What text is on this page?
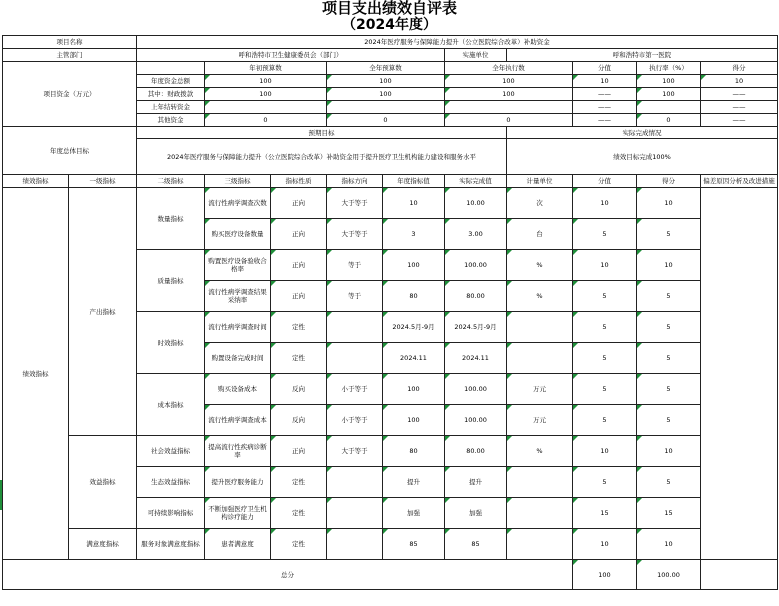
项目支出绩效自评表
（2024年度）
项目名称		2024年医疗服务与保障能力提升（公立医院综合改革）补助资金									
主管部门		呼和浩特市卫生健康委员会（部门）					实施单位	呼和浩特市第一医院			
项目资金（万元）			年初预算数		全年预算数		全年执行数		分值	执行率（%）	得分
		年度资金总额	100		100		100		10	100	10
		其中：财政拨款	100		100		100		——	100	——
		上年结转资金							——		——
		其他资金	0		0		0		——	0	——
年度总体目标		预期目标						实际完成情况			
		2024年医疗服务与保障能力提升（公立医院综合改革）补助资金用于提升医疗卫生机构能力建设和服务水平						绩效目标完成100%			
绩效指标	一级指标	二级指标	三级指标	指标性质	指标方向	年度指标值	实际完成值	计量单位	分值	得分	偏差原因分析及改进措施
绩效指标	产出指标	数量指标	流行性病学调查次数	正向	大于等于	10	10.00	次	10	10	
			购买医疗设备数量	正向	大于等于	3	3.00	台	5	5	
		质量指标	购置医疗设备验收合格率	正向	等于	100	100.00	%	10	10	
			流行性病学调查结果采纳率	正向	等于	80	80.00	%	5	5	
		时效指标	流行性病学调查时间	定性		2024.5月-9月	2024.5月-9月		5	5	
			购置设备完成时间	定性		2024.11	2024.11		5	5	
		成本指标	购买设备成本	反向	小于等于	100	100.00	万元	5	5	
			流行性病学调查成本	反向	小于等于	100	100.00	万元	5	5	
	效益指标	社会效益指标	提高流行性疾病诊断率	正向	大于等于	80	80.00	%	10	10	
		生态效益指标	提升医疗服务能力	定性		提升	提升		5	5	
		可持续影响指标	不断加强医疗卫生机构诊疗能力	定性		加强	加强		15	15	
	满意度指标	服务对象满意度指标	患者满意度	定性		85	85		10	10	
总分									100	100.00	
